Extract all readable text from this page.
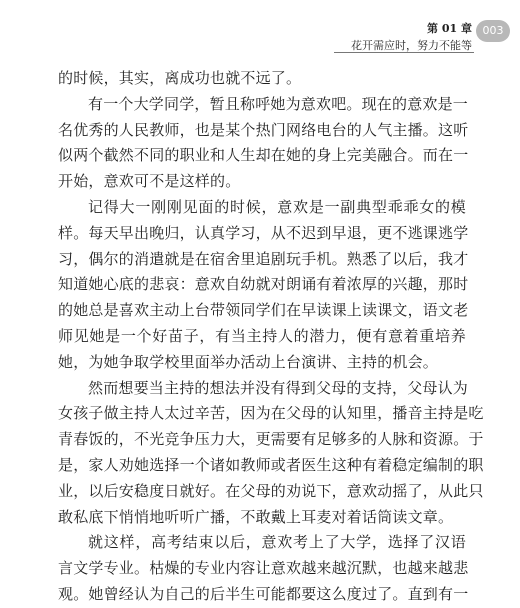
第 01 章
花开需应时，努力不能等
003
的时候，其实，离成功也就不远了。
有一个大学同学，暂且称呼她为意欢吧。现在的意欢是一
名优秀的人民教师，也是某个热门网络电台的人气主播。这听
似两个截然不同的职业和人生却在她的身上完美融合。而在一
开始，意欢可不是这样的。
记得大一刚刚见面的时候，意欢是一副典型乖乖女的模
样。每天早出晚归，认真学习，从不迟到早退，更不逃课逃学
习，偶尔的消遣就是在宿舍里追剧玩手机。熟悉了以后，我才
知道她心底的悲哀：意欢自幼就对朗诵有着浓厚的兴趣，那时
的她总是喜欢主动上台带领同学们在早读课上读课文，语文老
师见她是一个好苗子，有当主持人的潜力，便有意着重培养
她，为她争取学校里面举办活动上台演讲、主持的机会。
然而想要当主持的想法并没有得到父母的支持，父母认为
女孩子做主持人太过辛苦，因为在父母的认知里，播音主持是吃
青春饭的，不光竞争压力大，更需要有足够多的人脉和资源。于
是，家人劝她选择一个诸如教师或者医生这种有着稳定编制的职
业，以后安稳度日就好。在父母的劝说下，意欢动摇了，从此只
敢私底下悄悄地听听广播，不敢戴上耳麦对着话筒读文章。
就这样，高考结束以后，意欢考上了大学，选择了汉语
言文学专业。枯燥的专业内容让意欢越来越沉默，也越来越悲
观。她曾经认为自己的后半生可能都要这么度过了。直到有一
